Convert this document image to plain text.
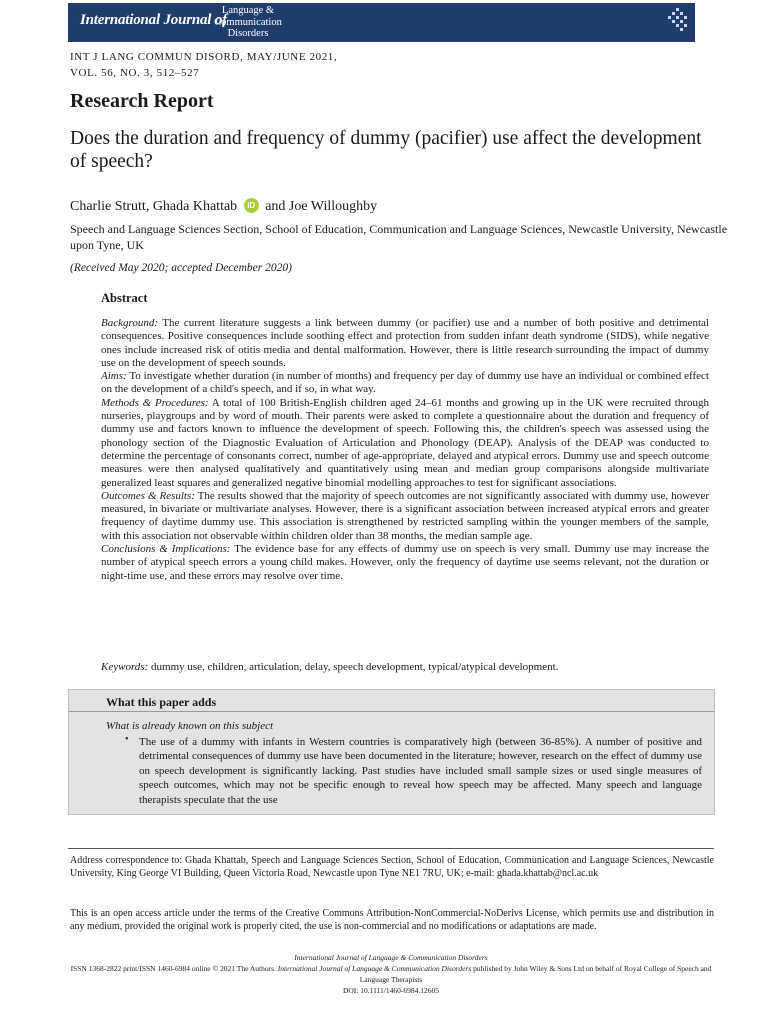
International Journal of
Language & Communication Disorders
INT J LANG COMMUN DISORD, MAY/JUNE 2021,
VOL. 56, NO. 3, 512–527
Research Report
Does the duration and frequency of dummy (pacifier) use affect the development of speech?
Charlie Strutt, Ghada Khattab iD and Joe Willoughby
Speech and Language Sciences Section, School of Education, Communication and Language Sciences, Newcastle University, Newcastle upon Tyne, UK
(Received May 2020; accepted December 2020)
Abstract

Background: The current literature suggests a link between dummy (or pacifier) use and a number of both positive and detrimental consequences. Positive consequences include soothing effect and protection from sudden infant death syndrome (SIDS), while negative ones include increased risk of otitis media and dental malformation. However, there is little research surrounding the impact of dummy use on the development of speech sounds.

Aims: To investigate whether duration (in number of months) and frequency per day of dummy use have an individual or combined effect on the development of a child's speech, and if so, in what way.

Methods & Procedures: A total of 100 British-English children aged 24–61 months and growing up in the UK were recruited through nurseries, playgroups and by word of mouth. Their parents were asked to complete a questionnaire about the duration and frequency of dummy use and factors known to influence the development of speech. Following this, the children's speech was assessed using the phonology section of the Diagnostic Evaluation of Articulation and Phonology (DEAP). Analysis of the DEAP was conducted to determine the percentage of consonants correct, number of age-appropriate, delayed and atypical errors. Dummy use and speech outcome measures were then analysed qualitatively and quantitatively using mean and median group comparisons alongside multivariate generalized least squares and generalized negative binomial modelling approaches to test for significant associations.

Outcomes & Results: The results showed that the majority of speech outcomes are not significantly associated with dummy use, however measured, in bivariate or multivariate analyses. However, there is a significant association between increased atypical errors and greater frequency of daytime dummy use. This association is strengthened by restricted sampling within the younger members of the sample, with this association not observable within children older than 38 months, the median sample age.

Conclusions & Implications: The evidence base for any effects of dummy use on speech is very small. Dummy use may increase the number of atypical speech errors a young child makes. However, only the frequency of daytime use seems relevant, not the duration or night-time use, and these errors may resolve over time.

Keywords: dummy use, children, articulation, delay, speech development, typical/atypical development.
What this paper adds
What is already known on this subject
• The use of a dummy with infants in Western countries is comparatively high (between 36-85%). A number of positive and detrimental consequences of dummy use have been documented in the literature; however, research on the effect of dummy use on speech development is significantly lacking. Past studies have included small sample sizes or used single measures of speech outcomes, which may not be specific enough to reveal how speech may be affected. Many speech and language therapists speculate that the use
Address correspondence to: Ghada Khattab, Speech and Language Sciences Section, School of Education, Communication and Language Sciences, Newcastle University, King George VI Building, Queen Victoria Road, Newcastle upon Tyne NE1 7RU, UK; e-mail: ghada.khattab@ncl.ac.uk
This is an open access article under the terms of the Creative Commons Attribution-NonCommercial-NoDerivs License, which permits use and distribution in any medium, provided the original work is properly cited, the use is non-commercial and no modifications or adaptations are made.
International Journal of Language & Communication Disorders
ISSN 1368-2822 print/ISSN 1460-6984 online © 2021 The Authors. International Journal of Language & Communication Disorders published by John Wiley & Sons Ltd on behalf of Royal College of Speech and Language Therapists
DOI: 10.1111/1460-6984.12605
